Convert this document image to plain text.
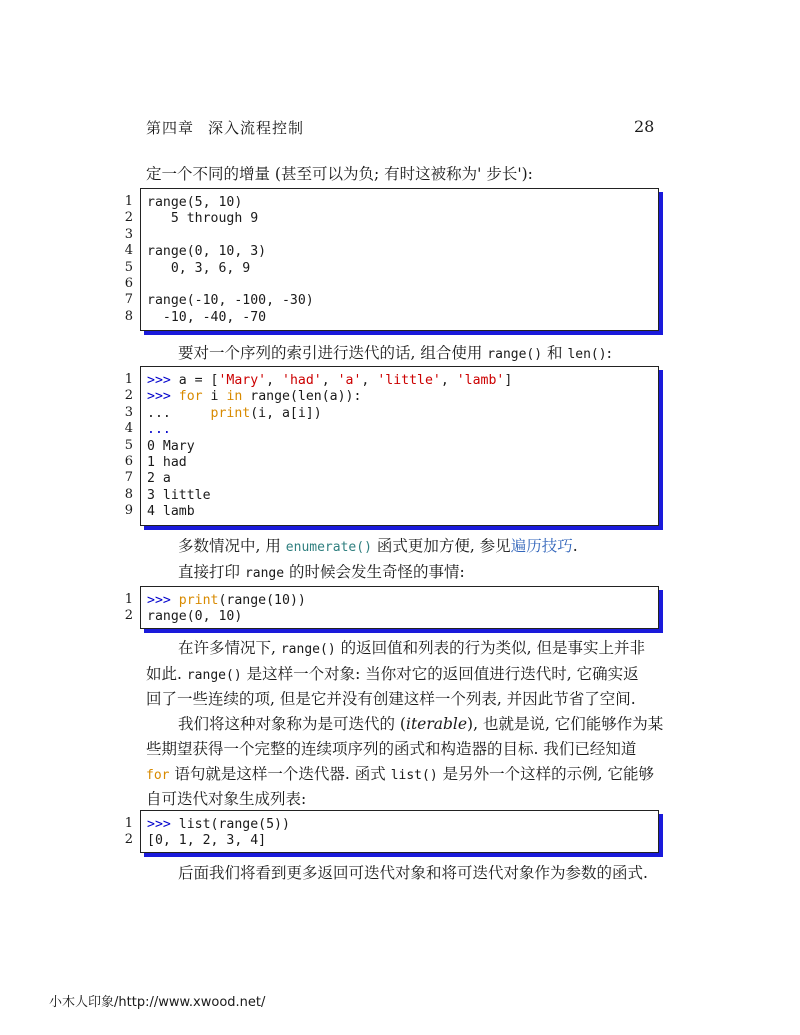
第四章 深入流程控制	28
定一个不同的增量 (甚至可以为负; 有时这被称为' 步长'):
1
2
3
4
5
6
7
8
range(5, 10)
5 through 9
range(0, 10, 3)
0, 3, 6, 9
range(-10, -100, -30)
-10, -40, -70
要对一个序列的索引进行迭代的话, 组合使用 range() 和 len():
1
2
3
4
5
6
7
8
9
>>> a = ['Mary', 'had', 'a', 'little', 'lamb']
>>> for i in range(len(a)):
...	print(i, a[i])
...
0 Mary
1 had
2 a
3 little
4 lamb
多数情况中, 用 enumerate() 函式更加方便, 参见遍历技巧.
直接打印 range 的时候会发生奇怪的事情:
1
2
>>> print(range(10))
range(0, 10)
在许多情况下, range() 的返回值和列表的行为类似, 但是事实上并非
如此. range() 是这样一个对象: 当你对它的返回值进行迭代时, 它确实返
回了一些连续的项, 但是它并没有创建这样一个列表, 并因此节省了空间.
我们将这种对象称为是可迭代的 (iterable), 也就是说, 它们能够作为某
些期望获得一个完整的连续项序列的函式和构造器的目标. 我们已经知道
for 语句就是这样一个迭代器. 函式 list() 是另外一个这样的示例, 它能够
自可迭代对象生成列表:
1
2
>>> list(range(5))
[0, 1, 2, 3, 4]
后面我们将看到更多返回可迭代对象和将可迭代对象作为参数的函式.
小木人印象/http://www.xwood.net/
